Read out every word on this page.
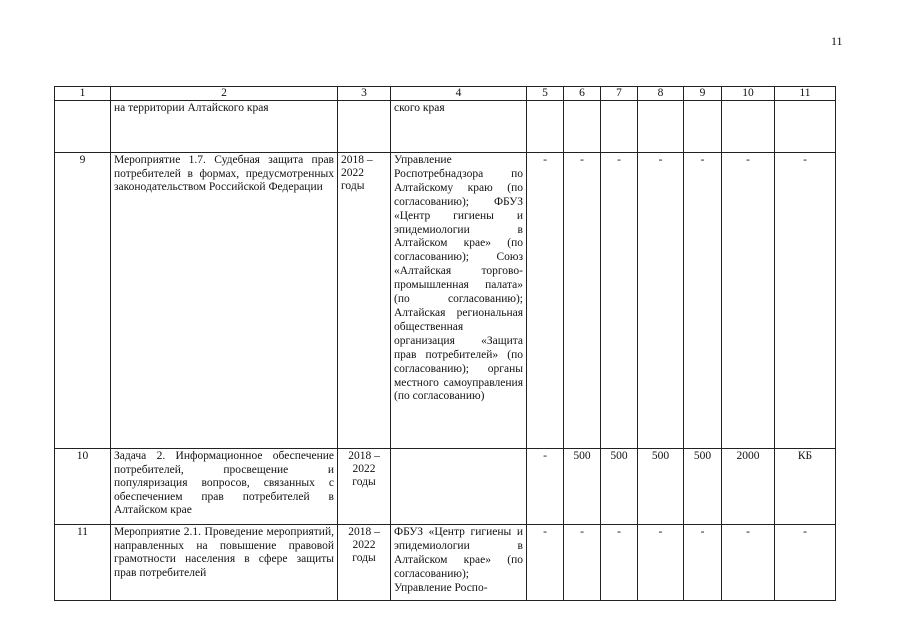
11
1	2	3	4	5	6	7	8	9	10	11
	на территории Алтайского края		ского края							
9	Мероприятие 1.7. Судебная защита прав потребителей в формах, предусмотренных законодательством Российской Федерации	2018 – 2022 годы	Управление Роспотребнадзора по Алтайскому краю (по согласованию); ФБУЗ «Центр гигиены и эпидемиологии в Алтайском крае» (по согласованию); Союз «Алтайская торгово-промышленная палата» (по согласованию); Алтайская региональная общественная организация «Защита прав потребителей» (по согласованию); органы местного самоуправления (по согласованию)	-	-	-	-	-	-	-
10	Задача 2. Информационное обеспечение потребителей, просвещение и популяризация вопросов, связанных с обеспечением прав потребителей в Алтайском крае	2018 – 2022 годы		-	500	500	500	500	2000	КБ
11	Мероприятие 2.1. Проведение мероприятий, направленных на повышение правовой грамотности населения в сфере защиты прав потребителей	2018 – 2022 годы	ФБУЗ «Центр гигиены и эпидемиологии в Алтайском крае» (по согласованию); Управление Роспо-	-	-	-	-	-	-	-
